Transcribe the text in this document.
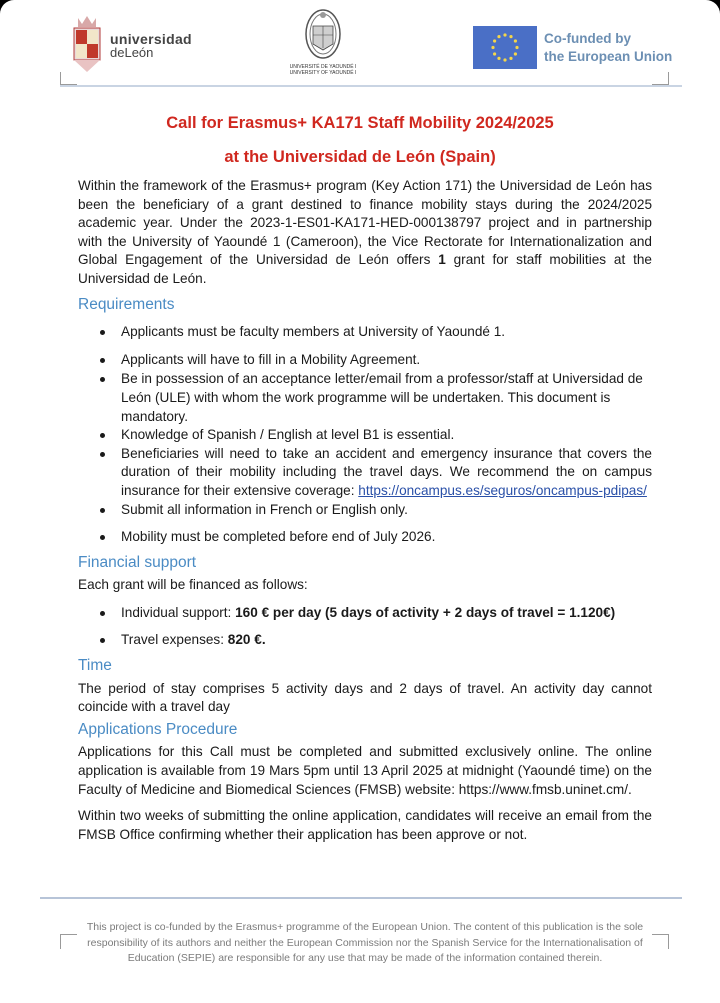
universidad
deLeón
UNIVERSITÉ DE YAOUNDÉ I
UNIVERSITY OF YAOUNDÉ I
Co-funded by
the European Union
Call for Erasmus+ KA171 Staff Mobility 2024/2025
at the Universidad de León (Spain)

Within the framework of the Erasmus+ program (Key Action 171) the Universidad de León has been the beneficiary of a grant destined to finance mobility stays during the 2024/2025 academic year. Under the 2023-1-ES01-KA171-HED-000138797 project and in partnership with the University of Yaoundé 1 (Cameroon), the Vice Rectorate for Internationalization and Global Engagement of the Universidad de León offers 1 grant for staff mobilities at the Universidad de León.

Requirements

Applicants must be faculty members at University of Yaoundé 1.
Applicants will have to fill in a Mobility Agreement.
Be in possession of an acceptance letter/email from a professor/staff at Universidad de León (ULE) with whom the work programme will be undertaken. This document is mandatory.
Knowledge of Spanish / English at level B1 is essential.
Beneficiaries will need to take an accident and emergency insurance that covers the duration of their mobility including the travel days. We recommend the on campus insurance for their extensive coverage: https://oncampus.es/seguros/oncampus-pdipas/
Submit all information in French or English only.
Mobility must be completed before end of July 2026.

Financial support

Each grant will be financed as follows:

Individual support: 160 € per day (5 days of activity + 2 days of travel = 1.120€)
Travel expenses: 820 €.

Time

The period of stay comprises 5 activity days and 2 days of travel. An activity day cannot coincide with a travel day

Applications Procedure

Applications for this Call must be completed and submitted exclusively online. The online application is available from 19 Mars 5pm until 13 April 2025 at midnight (Yaoundé time) on the Faculty of Medicine and Biomedical Sciences (FMSB) website: https://www.fmsb.uninet.cm/.

Within two weeks of submitting the online application, candidates will receive an email from the FMSB Office confirming whether their application has been approve or not.

This project is co-funded by the Erasmus+ programme of the European Union. The content of this publication is the sole responsibility of its authors and neither the European Commission nor the Spanish Service for the Internationalisation of Education (SEPIE) are responsible for any use that may be made of the information contained therein.
